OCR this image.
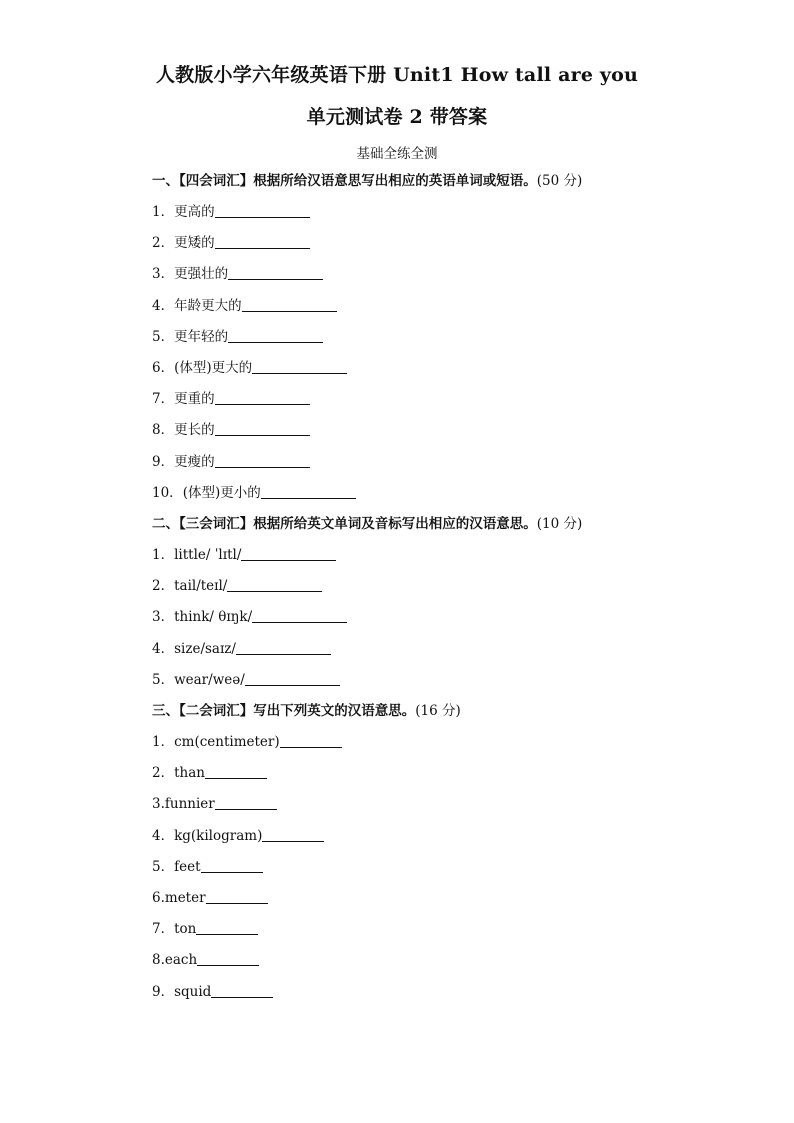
人教版小学六年级英语下册 Unit1 How tall are you
单元测试卷 2 带答案
基础全练全测
一、【四会词汇】根据所给汉语意思写出相应的英语单词或短语。(50 分)
1．更高的
2．更矮的
3．更强壮的
4．年龄更大的
5．更年轻的
6．(体型)更大的
7．更重的
8．更长的
9．更瘦的
10．(体型)更小的
二、【三会词汇】根据所给英文单词及音标写出相应的汉语意思。(10 分)
1．little/ ˈlɪtl/
2．tail/teɪl/
3．think/ θɪŋk/
4．size/saɪz/
5．wear/weə/
三、【二会词汇】写出下列英文的汉语意思。(16 分)
1．cm(centimeter)
2．than
3.funnier
4．kg(kilogram)
5．feet
6.meter
7．ton
8.each
9．squid
